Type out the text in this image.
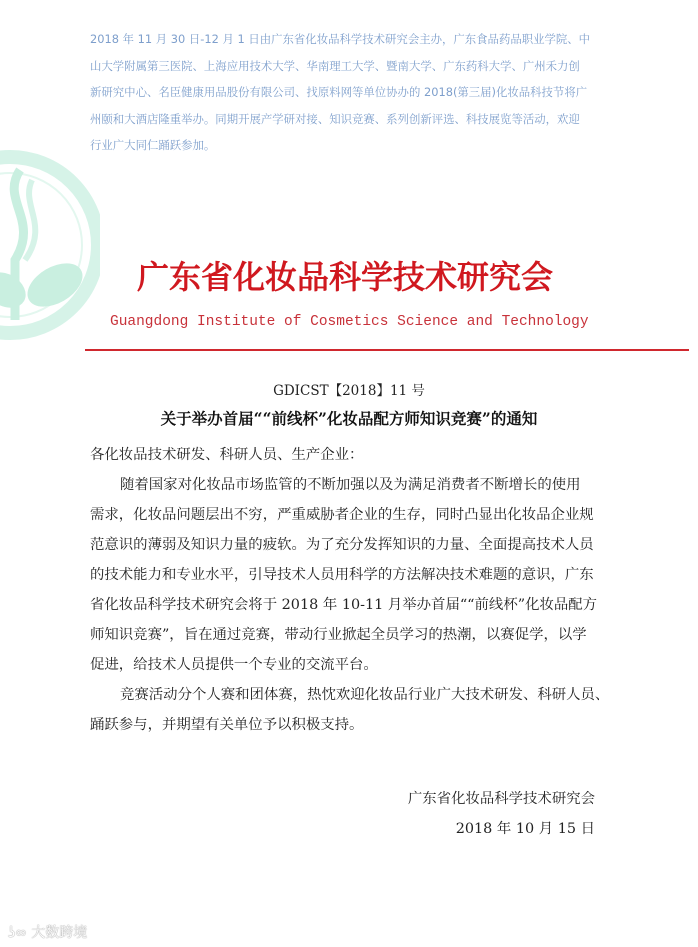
2018 年 11 月 30 日-12 月 1 日由广东省化妆品科学技术研究会主办，广东食品药品职业学院、中
山大学附属第三医院、上海应用技术大学、华南理工大学、暨南大学、广东药科大学、广州禾力创
新研究中心、名臣健康用品股份有限公司、找原料网等单位协办的 2018(第三届)化妆品科技节将广
州颐和大酒店隆重举办。同期开展产学研对接、知识竞赛、系列创新评选、科技展览等活动，欢迎
行业广大同仁踊跃参加。
广东省化妆品科学技术研究会
Guangdong Institute of Cosmetics Science and Technology
GDICST【2018】11 号
关于举办首届““前线杯”化妆品配方师知识竞赛”的通知
各化妆品技术研发、科研人员、生产企业：
随着国家对化妆品市场监管的不断加强以及为满足消费者不断增长的使用
需求，化妆品问题层出不穷，严重威胁者企业的生存，同时凸显出化妆品企业规
范意识的薄弱及知识力量的疲软。为了充分发挥知识的力量、全面提高技术人员
的技术能力和专业水平，引导技术人员用科学的方法解决技术难题的意识，广东
省化妆品科学技术研究会将于 2018 年 10-11 月举办首届““前线杯”化妆品配方
师知识竞赛”，旨在通过竞赛，带动行业掀起全员学习的热潮，以赛促学，以学
促进，给技术人员提供一个专业的交流平台。
竞赛活动分个人赛和团体赛，热忱欢迎化妆品行业广大技术研发、科研人员、
踊跃参与，并期望有关单位予以积极支持。
广东省化妆品科学技术研究会
2018 年 10 月 15 日
ʖ∞ 大数跨境
